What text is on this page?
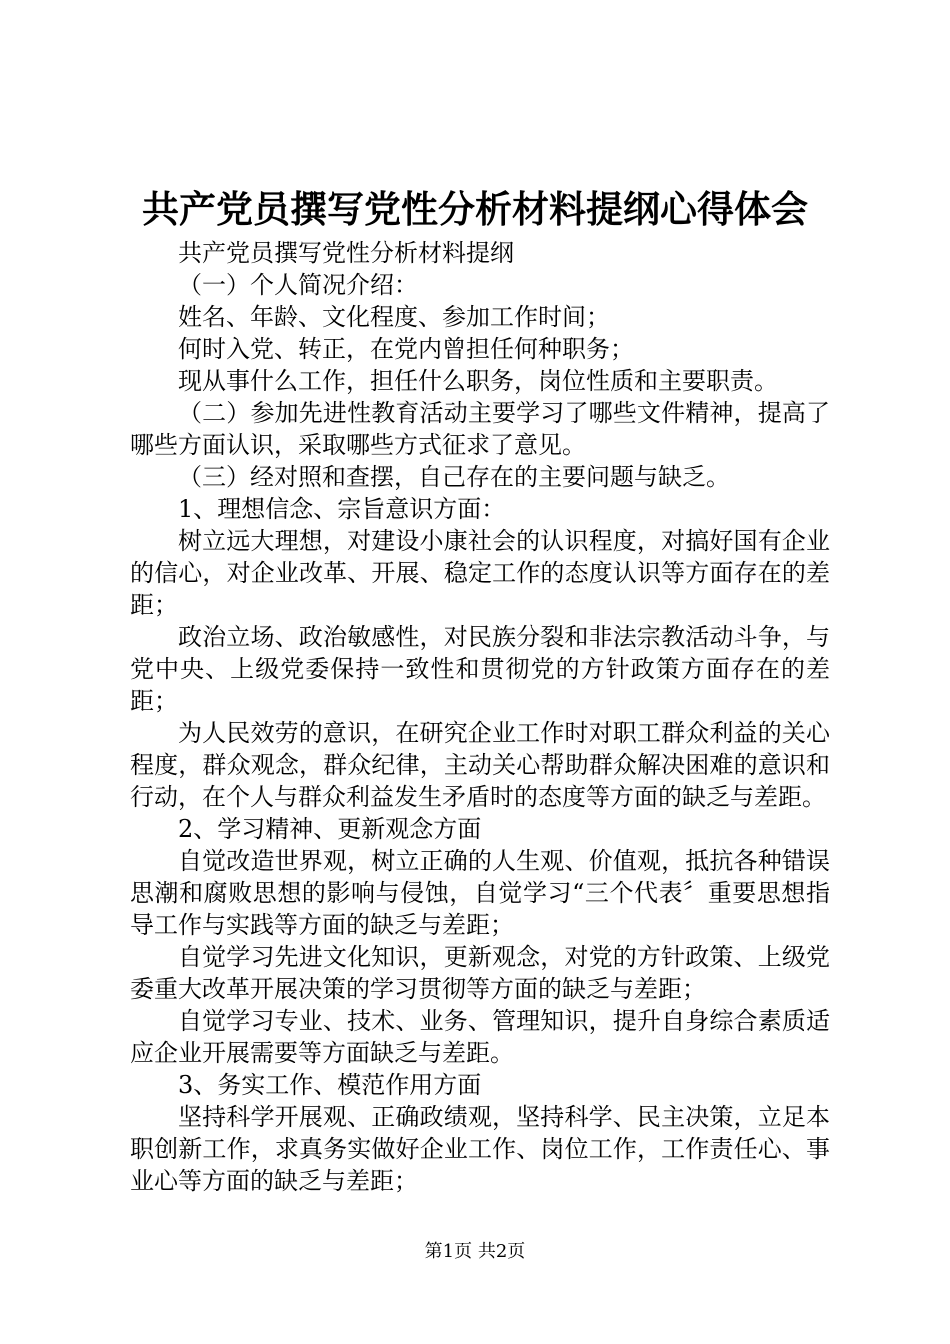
共产党员撰写党性分析材料提纲心得体会

共产党员撰写党性分析材料提纲

（一）个人简况介绍：

姓名、年龄、文化程度、参加工作时间；

何时入党、转正，在党内曾担任何种职务；

现从事什么工作，担任什么职务，岗位性质和主要职责。

（二）参加先进性教育活动主要学习了哪些文件精神，提高了哪些方面认识，采取哪些方式征求了意见。

（三）经对照和查摆，自己存在的主要问题与缺乏。

1、理想信念、宗旨意识方面：

树立远大理想，对建设小康社会的认识程度，对搞好国有企业的信心，对企业改革、开展、稳定工作的态度认识等方面存在的差距；

政治立场、政治敏感性，对民族分裂和非法宗教活动斗争，与党中央、上级党委保持一致性和贯彻党的方针政策方面存在的差距；

为人民效劳的意识，在研究企业工作时对职工群众利益的关心程度，群众观念，群众纪律，主动关心帮助群众解决困难的意识和行动，在个人与群众利益发生矛盾时的态度等方面的缺乏与差距。

2、学习精神、更新观念方面

自觉改造世界观，树立正确的人生观、价值观，抵抗各种错误思潮和腐败思想的影响与侵蚀，自觉学习“三个代表〞重要思想指导工作与实践等方面的缺乏与差距；

自觉学习先进文化知识，更新观念，对党的方针政策、上级党委重大改革开展决策的学习贯彻等方面的缺乏与差距；

自觉学习专业、技术、业务、管理知识，提升自身综合素质适应企业开展需要等方面缺乏与差距。

3、务实工作、模范作用方面

坚持科学开展观、正确政绩观，坚持科学、民主决策，立足本职创新工作，求真务实做好企业工作、岗位工作，工作责任心、事业心等方面的缺乏与差距；

第1页 共2页
